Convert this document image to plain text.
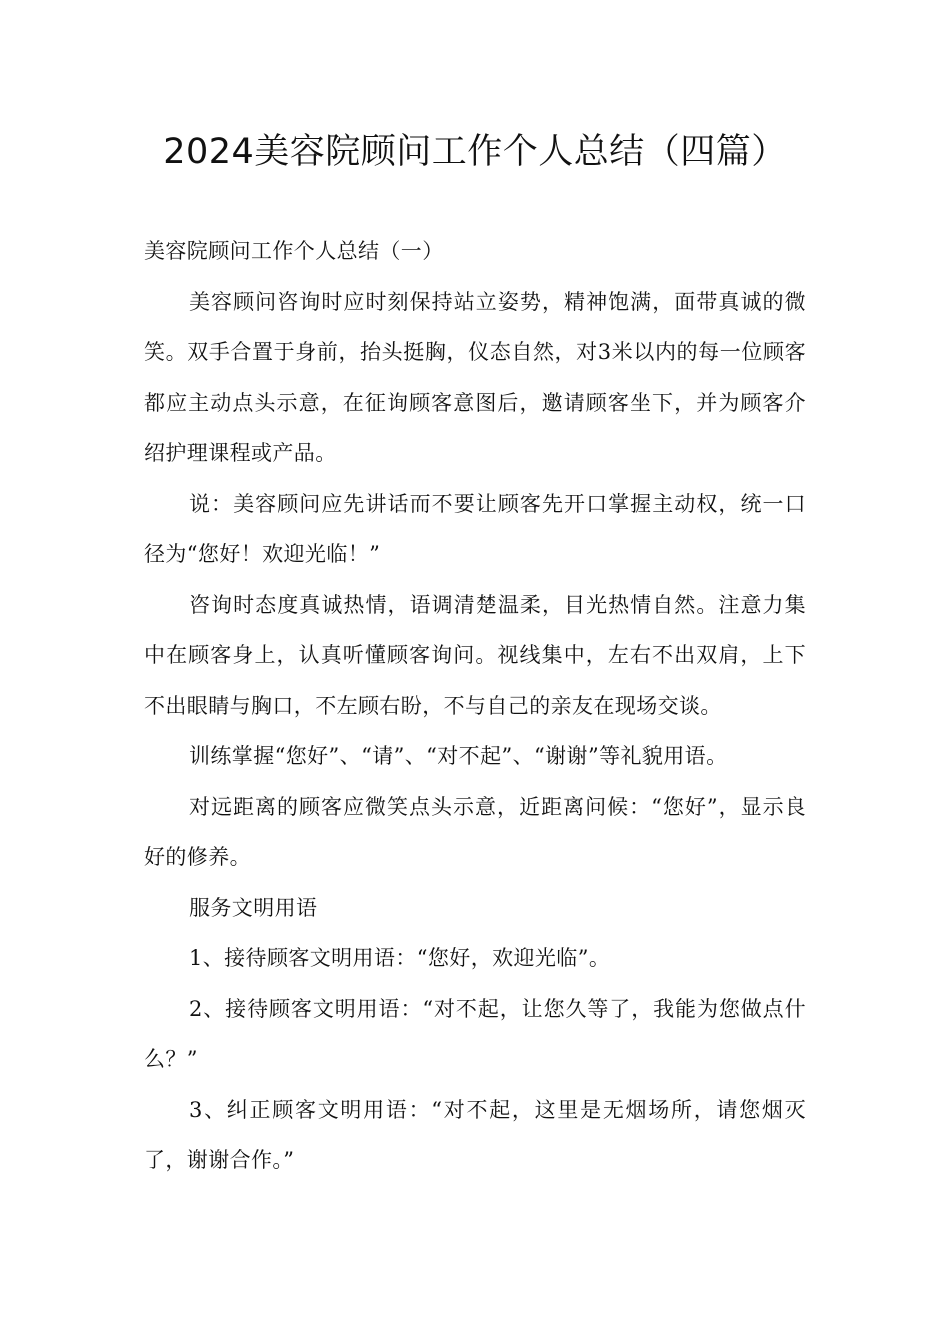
2024美容院顾问工作个人总结（四篇）

美容院顾问工作个人总结（一）

美容顾问咨询时应时刻保持站立姿势，精神饱满，面带真诚的微笑。双手合置于身前，抬头挺胸，仪态自然，对3米以内的每一位顾客都应主动点头示意，在征询顾客意图后，邀请顾客坐下，并为顾客介绍护理课程或产品。

说：美容顾问应先讲话而不要让顾客先开口掌握主动权，统一口径为“您好！欢迎光临！”

咨询时态度真诚热情，语调清楚温柔，目光热情自然。注意力集中在顾客身上，认真听懂顾客询问。视线集中，左右不出双肩，上下不出眼睛与胸口，不左顾右盼，不与自己的亲友在现场交谈。

训练掌握“您好”、“请”、“对不起”、“谢谢”等礼貌用语。

对远距离的顾客应微笑点头示意，近距离问候：“您好”，显示良好的修养。

服务文明用语

1、接待顾客文明用语：“您好，欢迎光临”。

2、接待顾客文明用语：“对不起，让您久等了，我能为您做点什么？”

3、纠正顾客文明用语：“对不起，这里是无烟场所，请您烟灭了，谢谢合作。”
